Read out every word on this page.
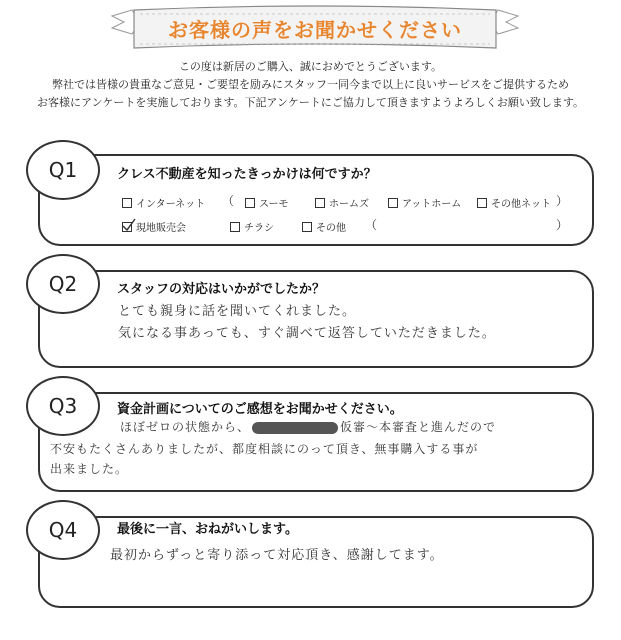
お客様の声をお聞かせください
この度は新居のご購入、誠におめでとうございます。
弊社では皆様の貴重なご意見・ご要望を励みにスタッフ一同今まで以上に良いサービスをご提供するため
お客様にアンケートを実施しております。下記アンケートにご協力して頂きますようよろしくお願い致します。
Q1	クレス不動産を知ったきっかけは何ですか？
インターネット （	スーモ	ホームズ	アットホーム	その他ネット
現地販売会	チラシ	その他 （
）
）
Q2	スタッフの対応はいかがでしたか？
とても親身に話を聞いてくれました。
気になる事あっても、すぐ調べて返答していただきました。
Q3	資金計画についてのご感想をお聞かせください。
ほぼゼロの状態から、	仮審～本審査と進んだので
不安もたくさんありましたが、都度相談にのって頂き、無事購入する事が
出来ました。
Q4	最後に一言、おねがいします。
最初からずっと寄り添って対応頂き、感謝してます。
